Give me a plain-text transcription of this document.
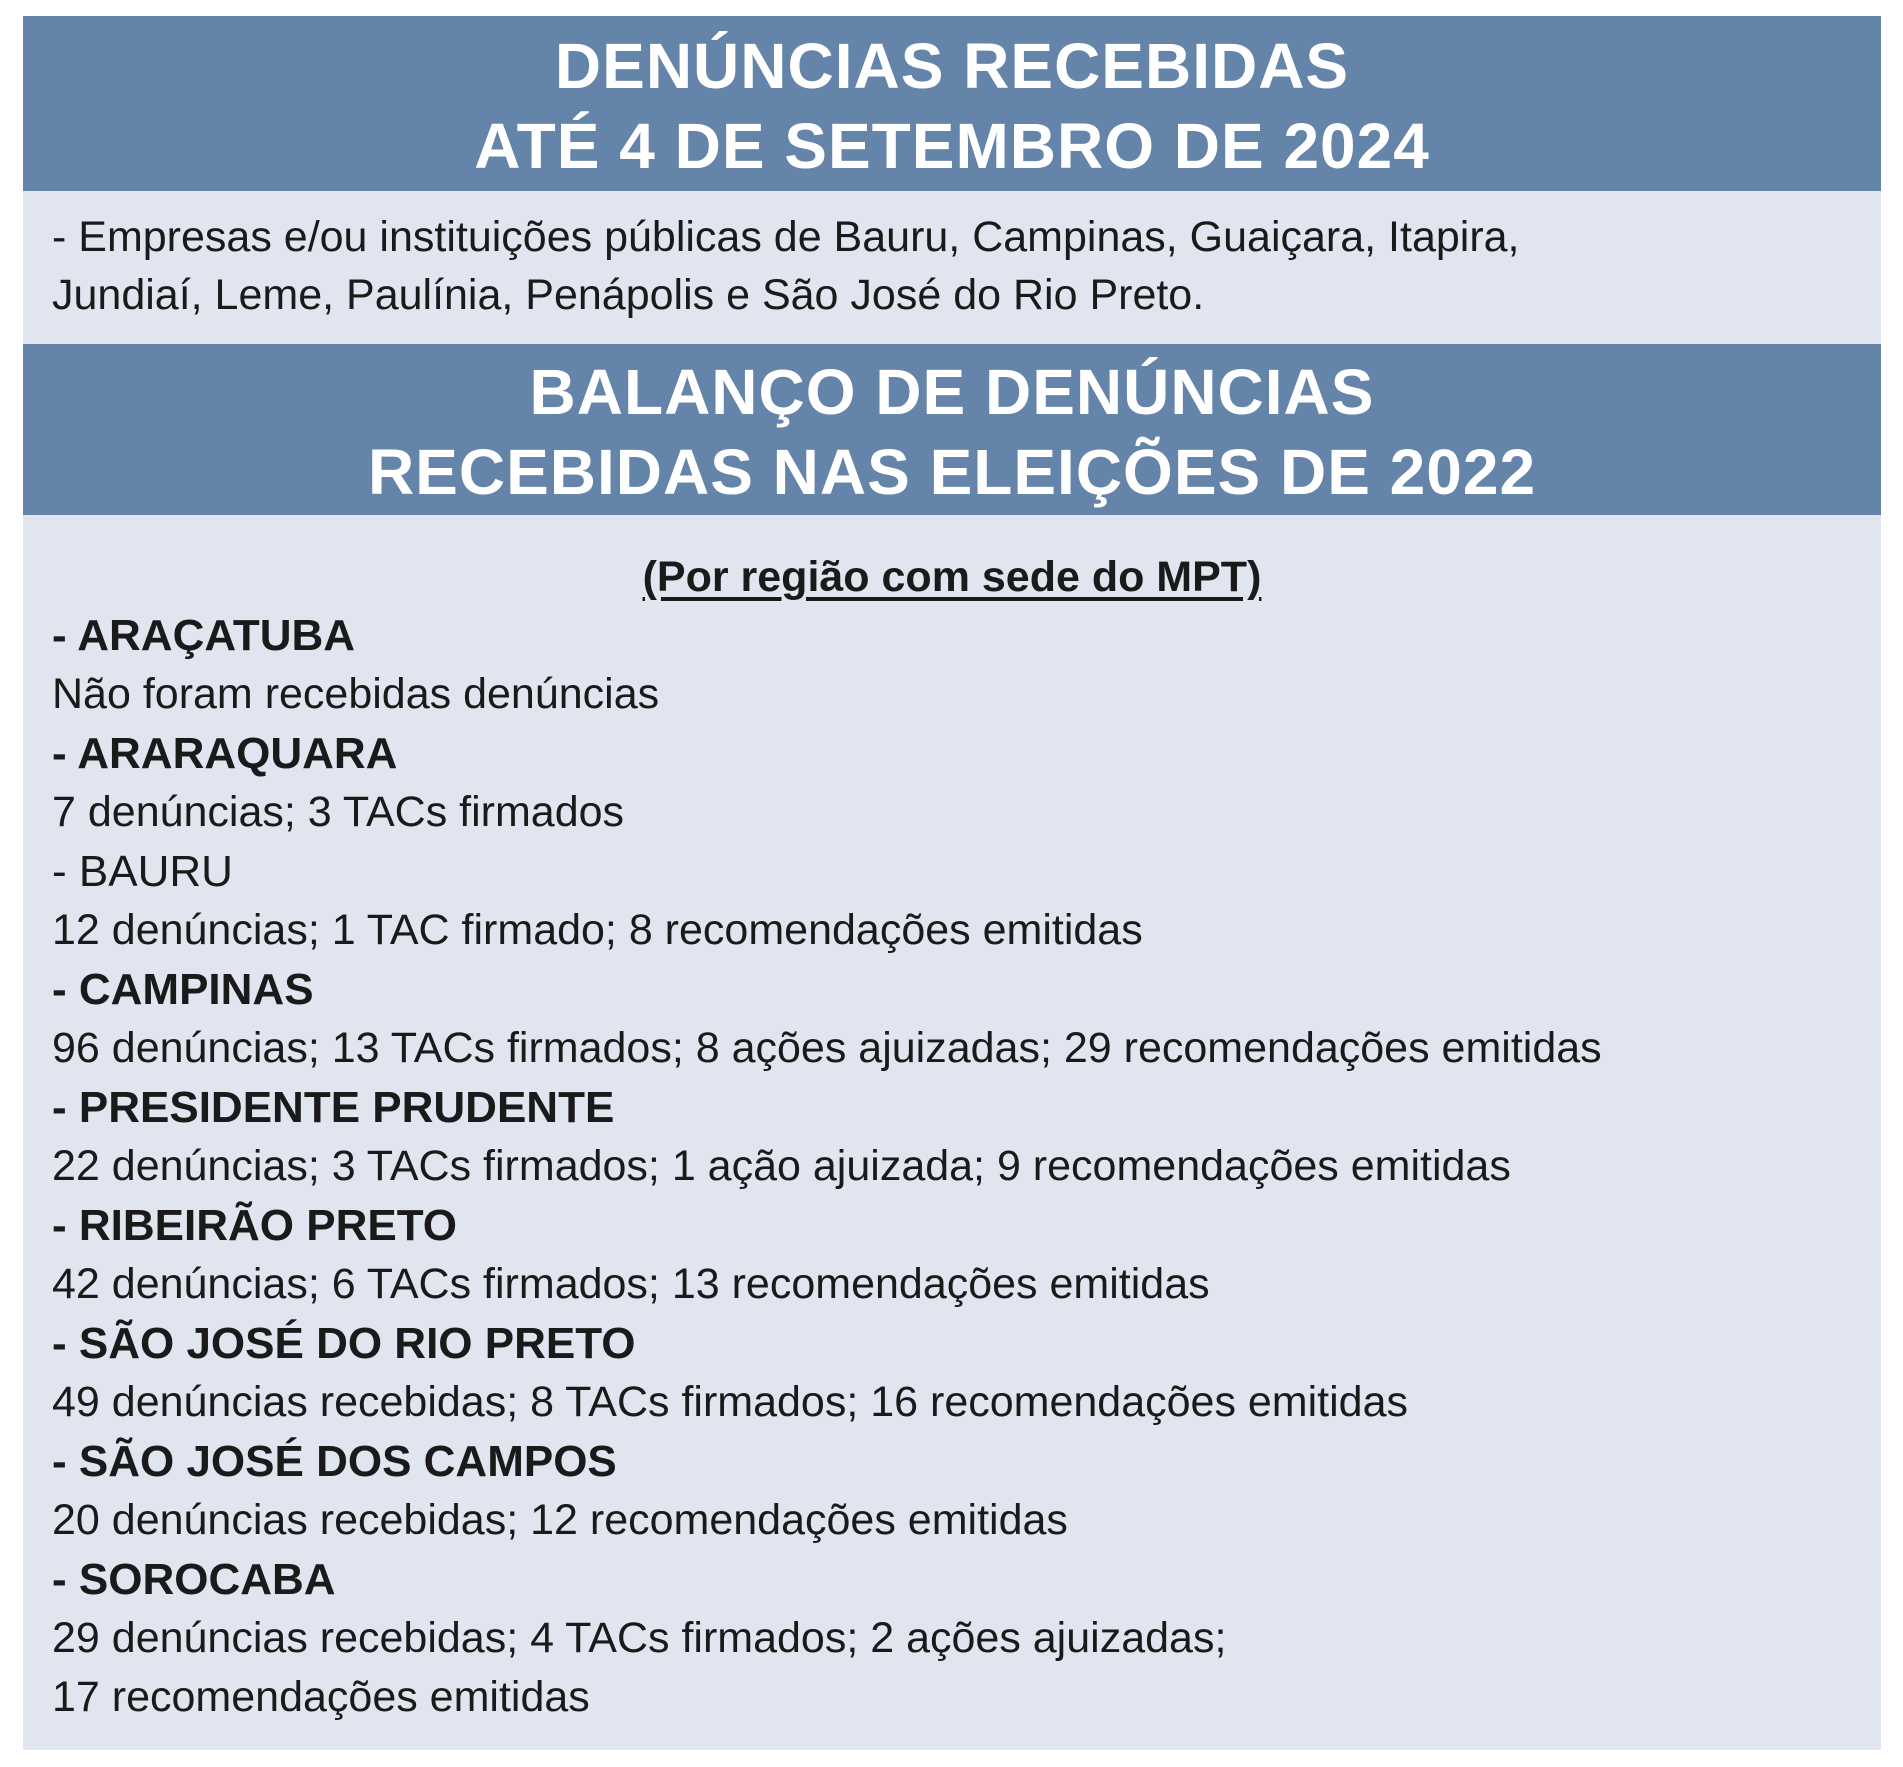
DENÚNCIAS RECEBIDAS
ATÉ 4 DE SETEMBRO DE 2024
- Empresas e/ou instituições públicas de Bauru, Campinas, Guaiçara, Itapira,
Jundiaí, Leme, Paulínia, Penápolis e São José do Rio Preto.
BALANÇO DE DENÚNCIAS
RECEBIDAS NAS ELEIÇÕES DE 2022
(Por região com sede do MPT)
- ARAÇATUBA
Não foram recebidas denúncias
- ARARAQUARA
7 denúncias; 3 TACs firmados
- BAURU
12 denúncias; 1 TAC firmado; 8 recomendações emitidas
- CAMPINAS
96 denúncias; 13 TACs firmados; 8 ações ajuizadas; 29 recomendações emitidas
- PRESIDENTE PRUDENTE
22 denúncias; 3 TACs firmados; 1 ação ajuizada; 9 recomendações emitidas
- RIBEIRÃO PRETO
42 denúncias; 6 TACs firmados; 13 recomendações emitidas
- SÃO JOSÉ DO RIO PRETO
49 denúncias recebidas; 8 TACs firmados; 16 recomendações emitidas
- SÃO JOSÉ DOS CAMPOS
20 denúncias recebidas; 12 recomendações emitidas
- SOROCABA
29 denúncias recebidas; 4 TACs firmados; 2 ações ajuizadas;
17 recomendações emitidas
